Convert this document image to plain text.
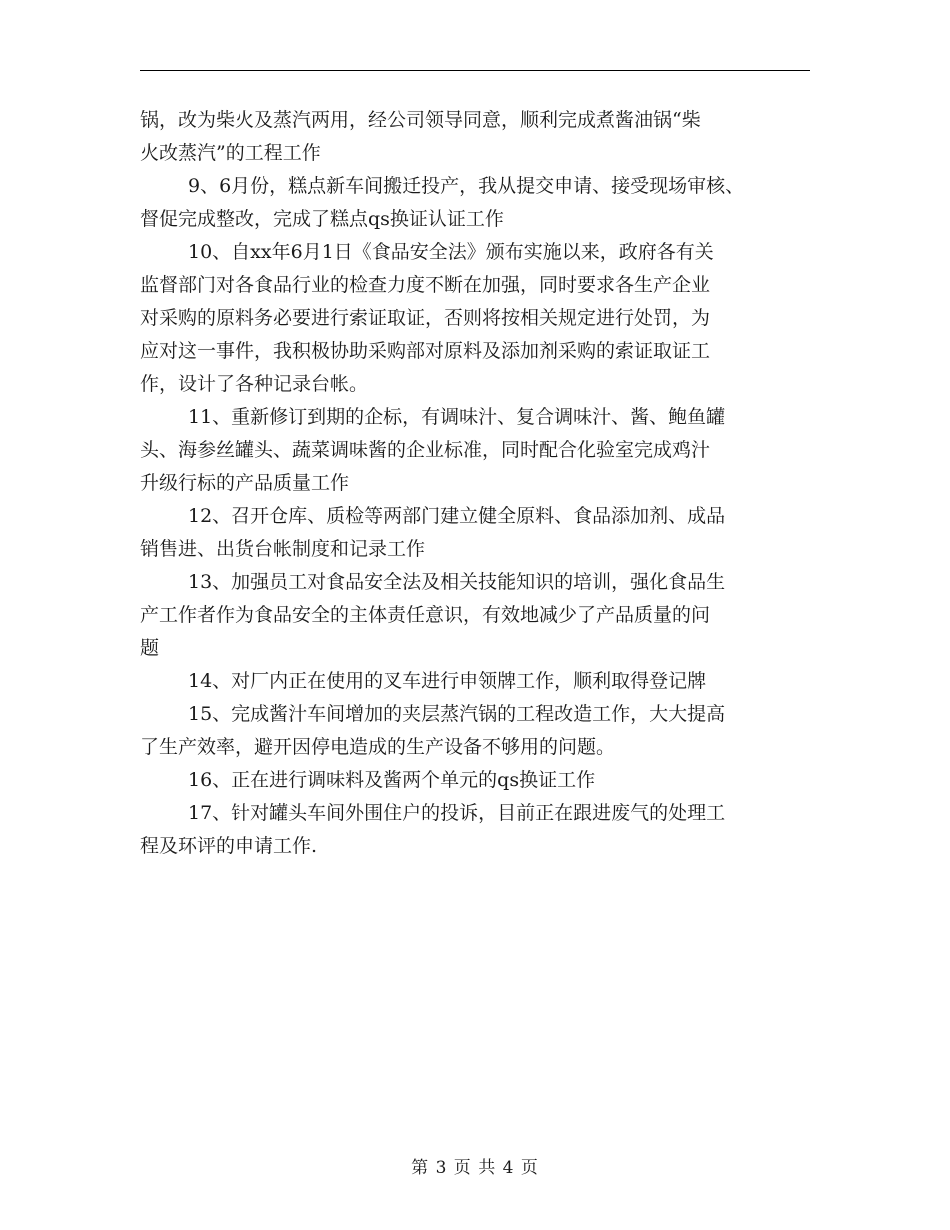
锅，改为柴火及蒸汽两用，经公司领导同意，顺利完成煮酱油锅“柴
火改蒸汽”的工程工作
9、6月份，糕点新车间搬迁投产，我从提交申请、接受现场审核、
督促完成整改，完成了糕点qs换证认证工作
10、自xx年6月1日《食品安全法》颁布实施以来，政府各有关
监督部门对各食品行业的检查力度不断在加强，同时要求各生产企业
对采购的原料务必要进行索证取证，否则将按相关规定进行处罚，为
应对这一事件，我积极协助采购部对原料及添加剂采购的索证取证工
作，设计了各种记录台帐。
11、重新修订到期的企标，有调味汁、复合调味汁、酱、鲍鱼罐
头、海参丝罐头、蔬菜调味酱的企业标准，同时配合化验室完成鸡汁
升级行标的产品质量工作
12、召开仓库、质检等两部门建立健全原料、食品添加剂、成品
销售进、出货台帐制度和记录工作
13、加强员工对食品安全法及相关技能知识的培训，强化食品生
产工作者作为食品安全的主体责任意识，有效地减少了产品质量的问
题
14、对厂内正在使用的叉车进行申领牌工作，顺利取得登记牌
15、完成酱汁车间增加的夹层蒸汽锅的工程改造工作，大大提高
了生产效率，避开因停电造成的生产设备不够用的问题。
16、正在进行调味料及酱两个单元的qs换证工作
17、针对罐头车间外围住户的投诉，目前正在跟进废气的处理工
程及环评的申请工作.
第 3 页 共 4 页
